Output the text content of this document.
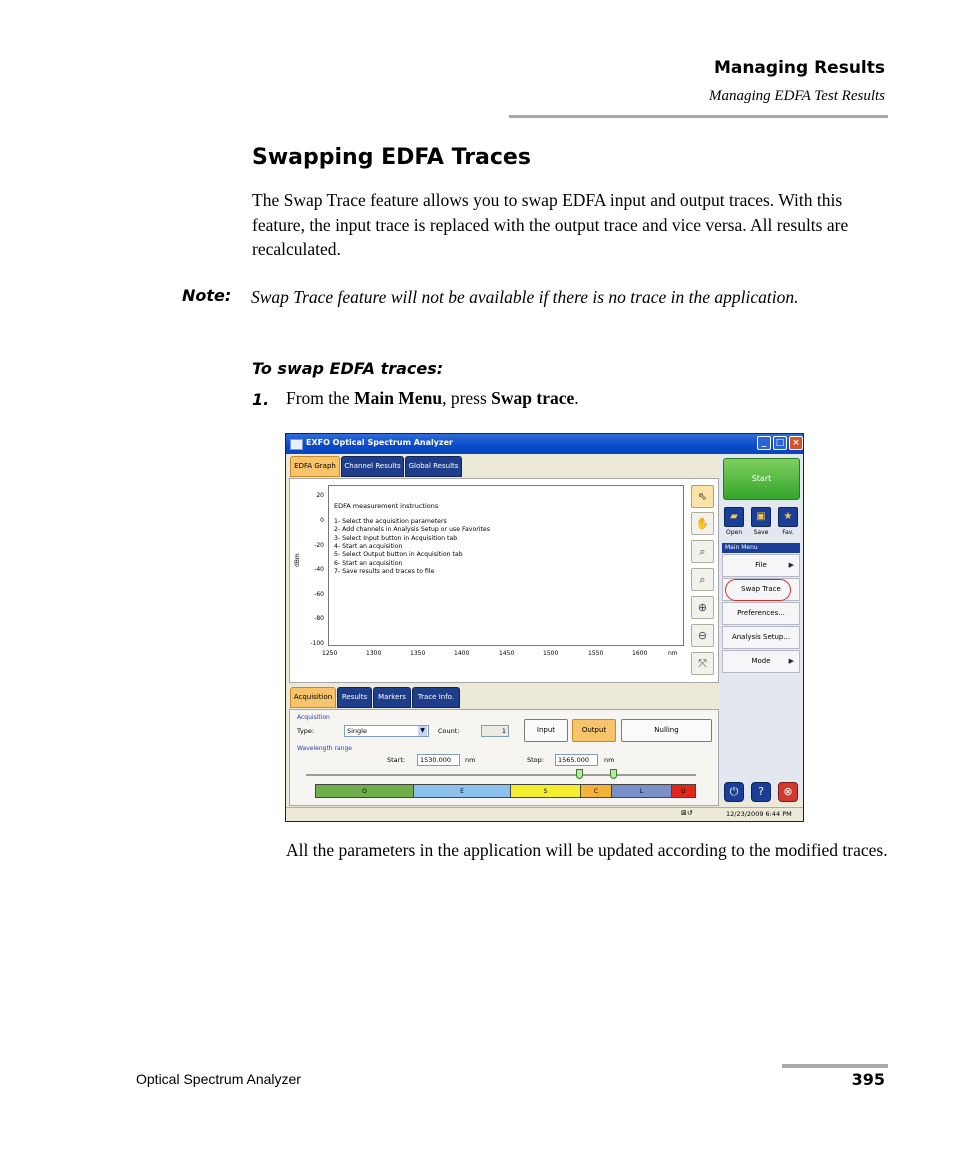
Managing Results
Managing EDFA Test Results
Swapping EDFA Traces
The Swap Trace feature allows you to swap EDFA input and output traces. With this feature, the input trace is replaced with the output trace and vice versa. All results are recalculated.
Note: Swap Trace feature will not be available if there is no trace in the application.
To swap EDFA traces:
1. From the Main Menu, press Swap trace.
EXFO Optical Spectrum Analyzer	_	□ ×
EDFA Graph	Channel Results	Global Results
20
0
-20
-40
-60
-80
-100
dBm
1250	1300	1350	1400	1450	1500	1550	1600	nm
EDFA measurement instructions
1- Select the acquisition parameters
2- Add channels in Analysis Setup or use Favorites
3- Select Input button in Acquisition tab
4- Start an acquisition
5- Select Output button in Acquisition tab
6- Start an acquisition
7- Save results and traces to file
⇖
✋
⌕
⌕
⊕
⊖
⤧
Start
▰	▣	★
Open	Save	Fav.
Main Menu
File	▶
Swap Trace
Preferences...
Analysis Setup...
Mode	▶
Acquisition	Results	Markers	Trace Info.
Acquisition
Type:	Single	▼	Count:	1	Input	Output	Nulling
Wavelength range
Start:	1530.000	nm	Stop:	1565.000	nm
O	E	S	C	L	U	⏻	?	⊗
⊠↺	12/23/2009 6:44 PM
All the parameters in the application will be updated according to the modified traces.
Optical Spectrum Analyzer	395
